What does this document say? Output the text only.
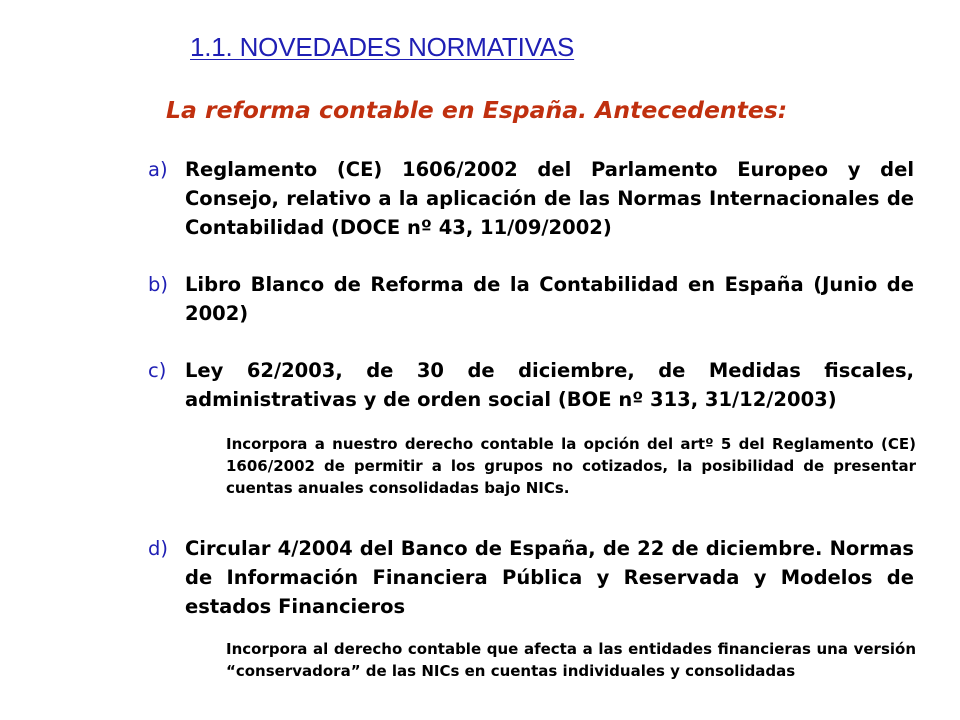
1.1. NOVEDADES NORMATIVAS
La reforma contable en España. Antecedentes:
a) Reglamento (CE) 1606/2002 del Parlamento Europeo y del Consejo, relativo a la aplicación de las Normas Internacionales de Contabilidad (DOCE nº 43, 11/09/2002)
b) Libro Blanco de Reforma de la Contabilidad en España (Junio de 2002)
c) Ley 62/2003, de 30 de diciembre, de Medidas fiscales, administrativas y de orden social (BOE nº 313, 31/12/2003)
Incorpora a nuestro derecho contable la opción del artº 5 del Reglamento (CE) 1606/2002 de permitir a los grupos no cotizados, la posibilidad de presentar cuentas anuales consolidadas bajo NICs.
d) Circular 4/2004 del Banco de España, de 22 de diciembre. Normas de Información Financiera Pública y Reservada y Modelos de estados Financieros
Incorpora al derecho contable que afecta a las entidades financieras una versión “conservadora” de las NICs en cuentas individuales y consolidadas
